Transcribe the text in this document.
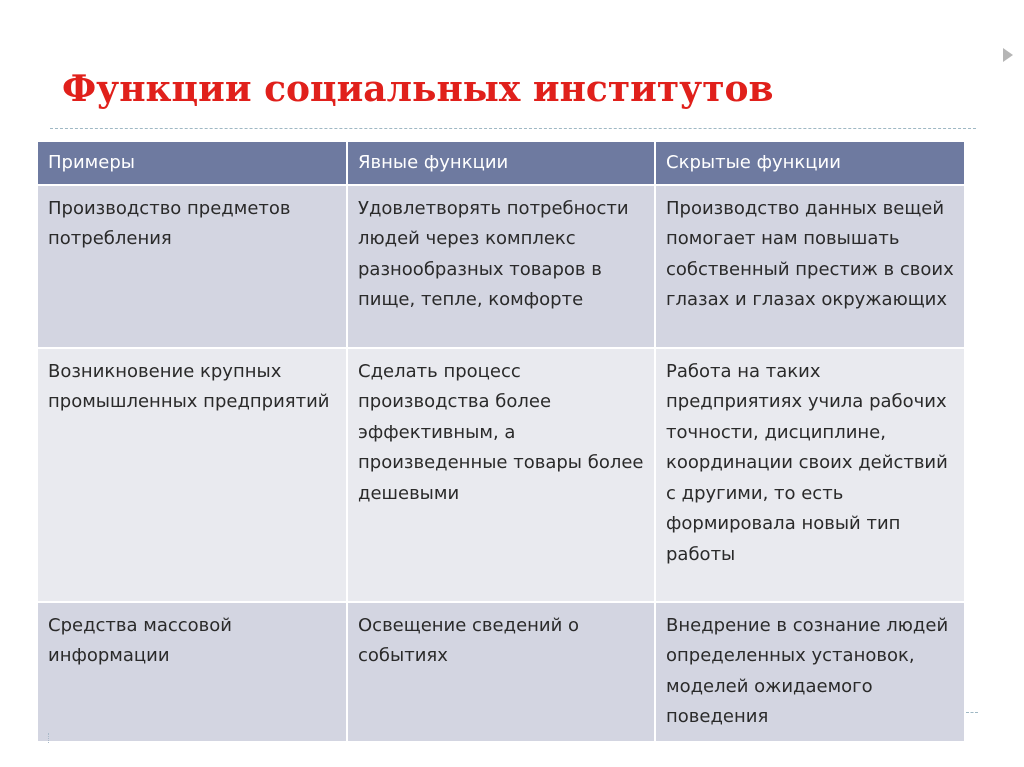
Функции социальных институтов
Примеры	Явные функции	Скрытые функции
Производство предметов потребления	Удовлетворять потребности людей через комплекс разнообразных товаров в пище, тепле, комфорте	Производство данных вещей помогает нам повышать собственный престиж в своих глазах и глазах окружающих
Возникновение крупных промышленных предприятий	Сделать процесс производства более эффективным, а произведенные товары более дешевыми	Работа на таких предприятиях учила рабочих точности, дисциплине, координации своих действий с другими, то есть формировала новый тип работы
Средства массовой информации	Освещение сведений о событиях	Внедрение в сознание людей определенных установок, моделей ожидаемого поведения
